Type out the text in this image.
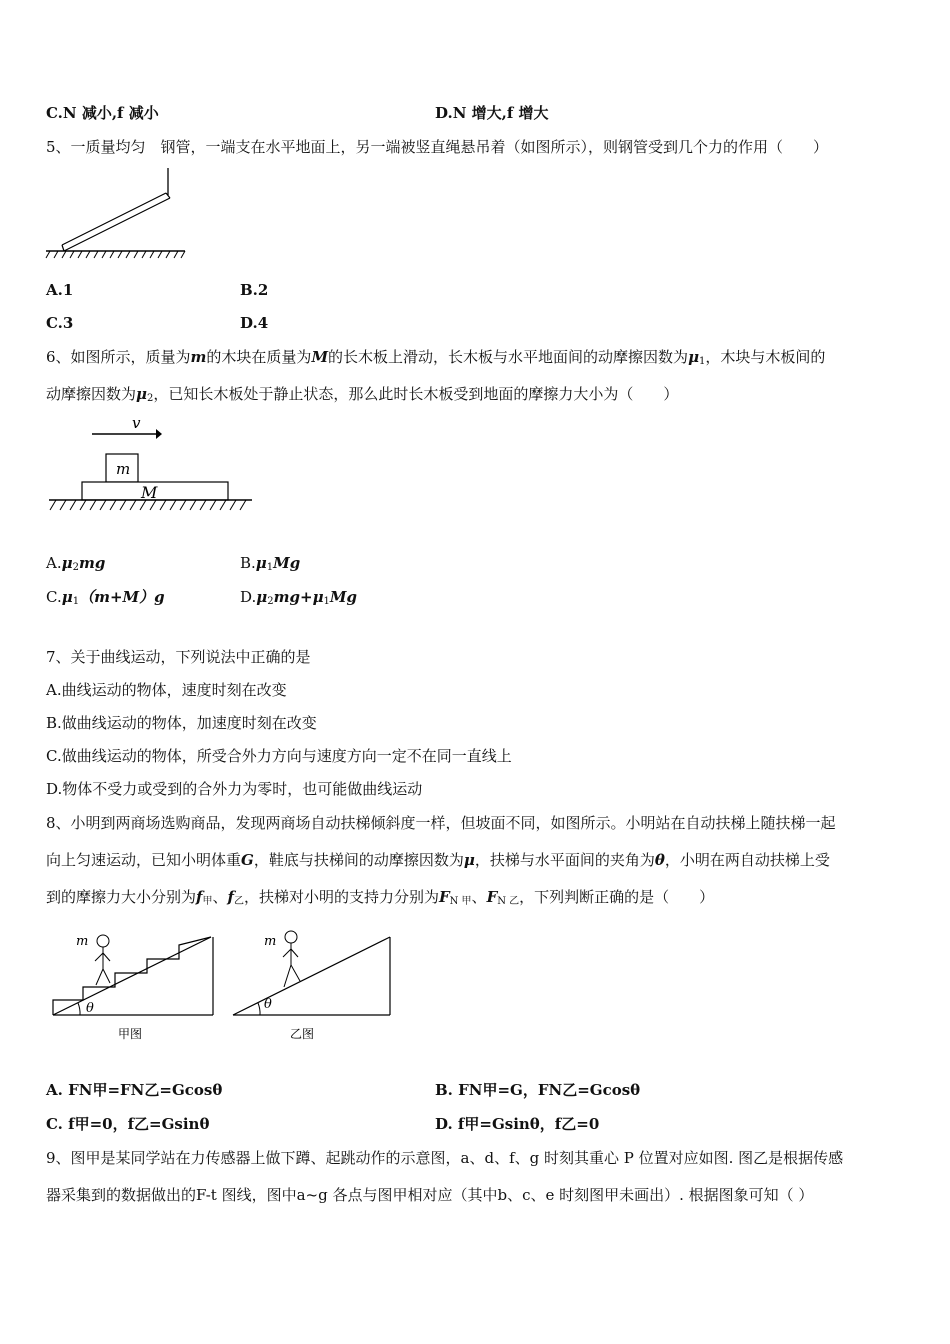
C.N 减小,f 减小	D.N 增大,f 增大
5、一质量均匀　钢管，一端支在水平地面上，另一端被竖直绳悬吊着（如图所示），则钢管受到几个力的作用（　　）
A.1	B.2
C.3	D.4
6、如图所示，质量为m的木块在质量为M的长木板上滑动，长木板与水平地面间的动摩擦因数为$\mu_1$，木块与木板间的
动摩擦因数为$\mu_2$，已知长木板处于静止状态，那么此时长木板受到地面的摩擦力大小为（　　）
v
m
M
$A.\mu_2mg$	$B.\mu_1Mg$
$C.\mu_1(m+M)g$	$D.\mu_2mg+\mu_1Mg$
7、关于曲线运动，下列说法中正确的是
A.曲线运动的物体，速度时刻在改变
B.做曲线运动的物体，加速度时刻在改变
C.做曲线运动的物体，所受合外力方向与速度方向一定不在同一直线上
D.物体不受力或受到的合外力为零时，也可能做曲线运动
8、小明到两商场选购商品，发现两商场自动扶梯倾斜度一样，但坡面不同，如图所示。小明站在自动扶梯上随扶梯一起
向上匀速运动，已知小明体重G，鞋底与扶梯间的动摩擦因数为μ，扶梯与水平面间的夹角为θ，小明在两自动扶梯上受
到的摩擦力大小分别为$f_甲$、$f_乙$，扶梯对小明的支持力分别为$F_{N 甲}$、$F_{N 乙}$，下列判断正确的是（　　）
m
θ
甲图
m
θ
乙图
A. FN甲=FN乙=Gcosθ	B. FN甲=G，FN乙=Gcosθ
C. f甲=0，f乙=Gsinθ	D. f甲=Gsinθ，f乙=0
9、图甲是某同学站在力传感器上做下蹲、起跳动作的示意图，a、d、f、g 时刻其重心 P 位置对应如图. 图乙是根据传感
器采集到的数据做出的F-t 图线，图中a~g 各点与图甲相对应（其中b、c、e 时刻图甲未画出）. 根据图象可知（ ）
